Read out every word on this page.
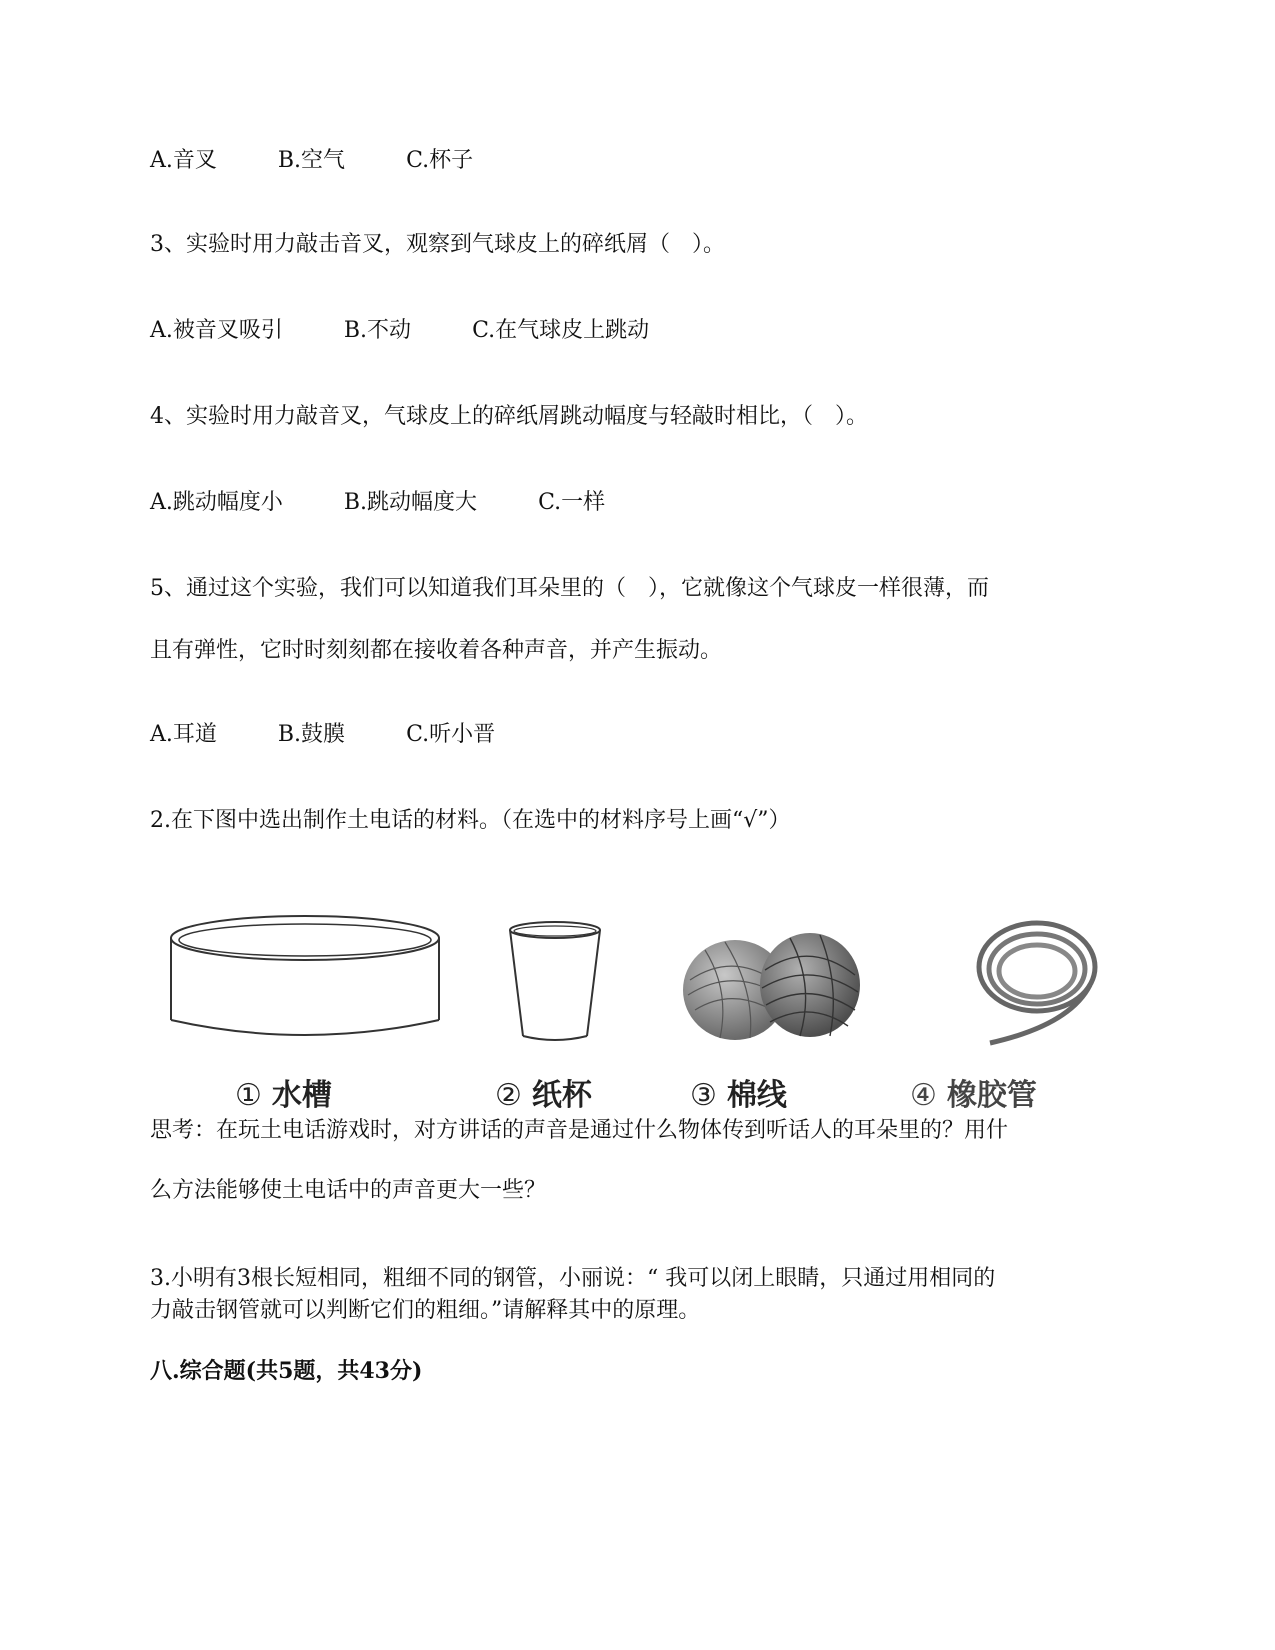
A.音叉	B.空气	C.杯子
3、实验时用力敲击音叉，观察到气球皮上的碎纸屑（　）。
A.被音叉吸引	B.不动	C.在气球皮上跳动
4、实验时用力敲音叉，气球皮上的碎纸屑跳动幅度与轻敲时相比，（　）。
A.跳动幅度小	B.跳动幅度大	C.一样
5、通过这个实验，我们可以知道我们耳朵里的（　），它就像这个气球皮一样很薄，而
且有弹性，它时时刻刻都在接收着各种声音，并产生振动。
A.耳道	B.鼓膜	C.听小晋
2.在下图中选出制作土电话的材料。（在选中的材料序号上画“√”）
① 水槽	② 纸杯	③ 棉线	④ 橡胶管
思考：在玩土电话游戏时，对方讲话的声音是通过什么物体传到听话人的耳朵里的？用什
么方法能够使土电话中的声音更大一些？
3.小明有3根长短相同，粗细不同的钢管，小丽说：“ 我可以闭上眼睛，只通过用相同的
力敲击钢管就可以判断它们的粗细。”请解释其中的原理。
八.综合题(共5题，共43分)
